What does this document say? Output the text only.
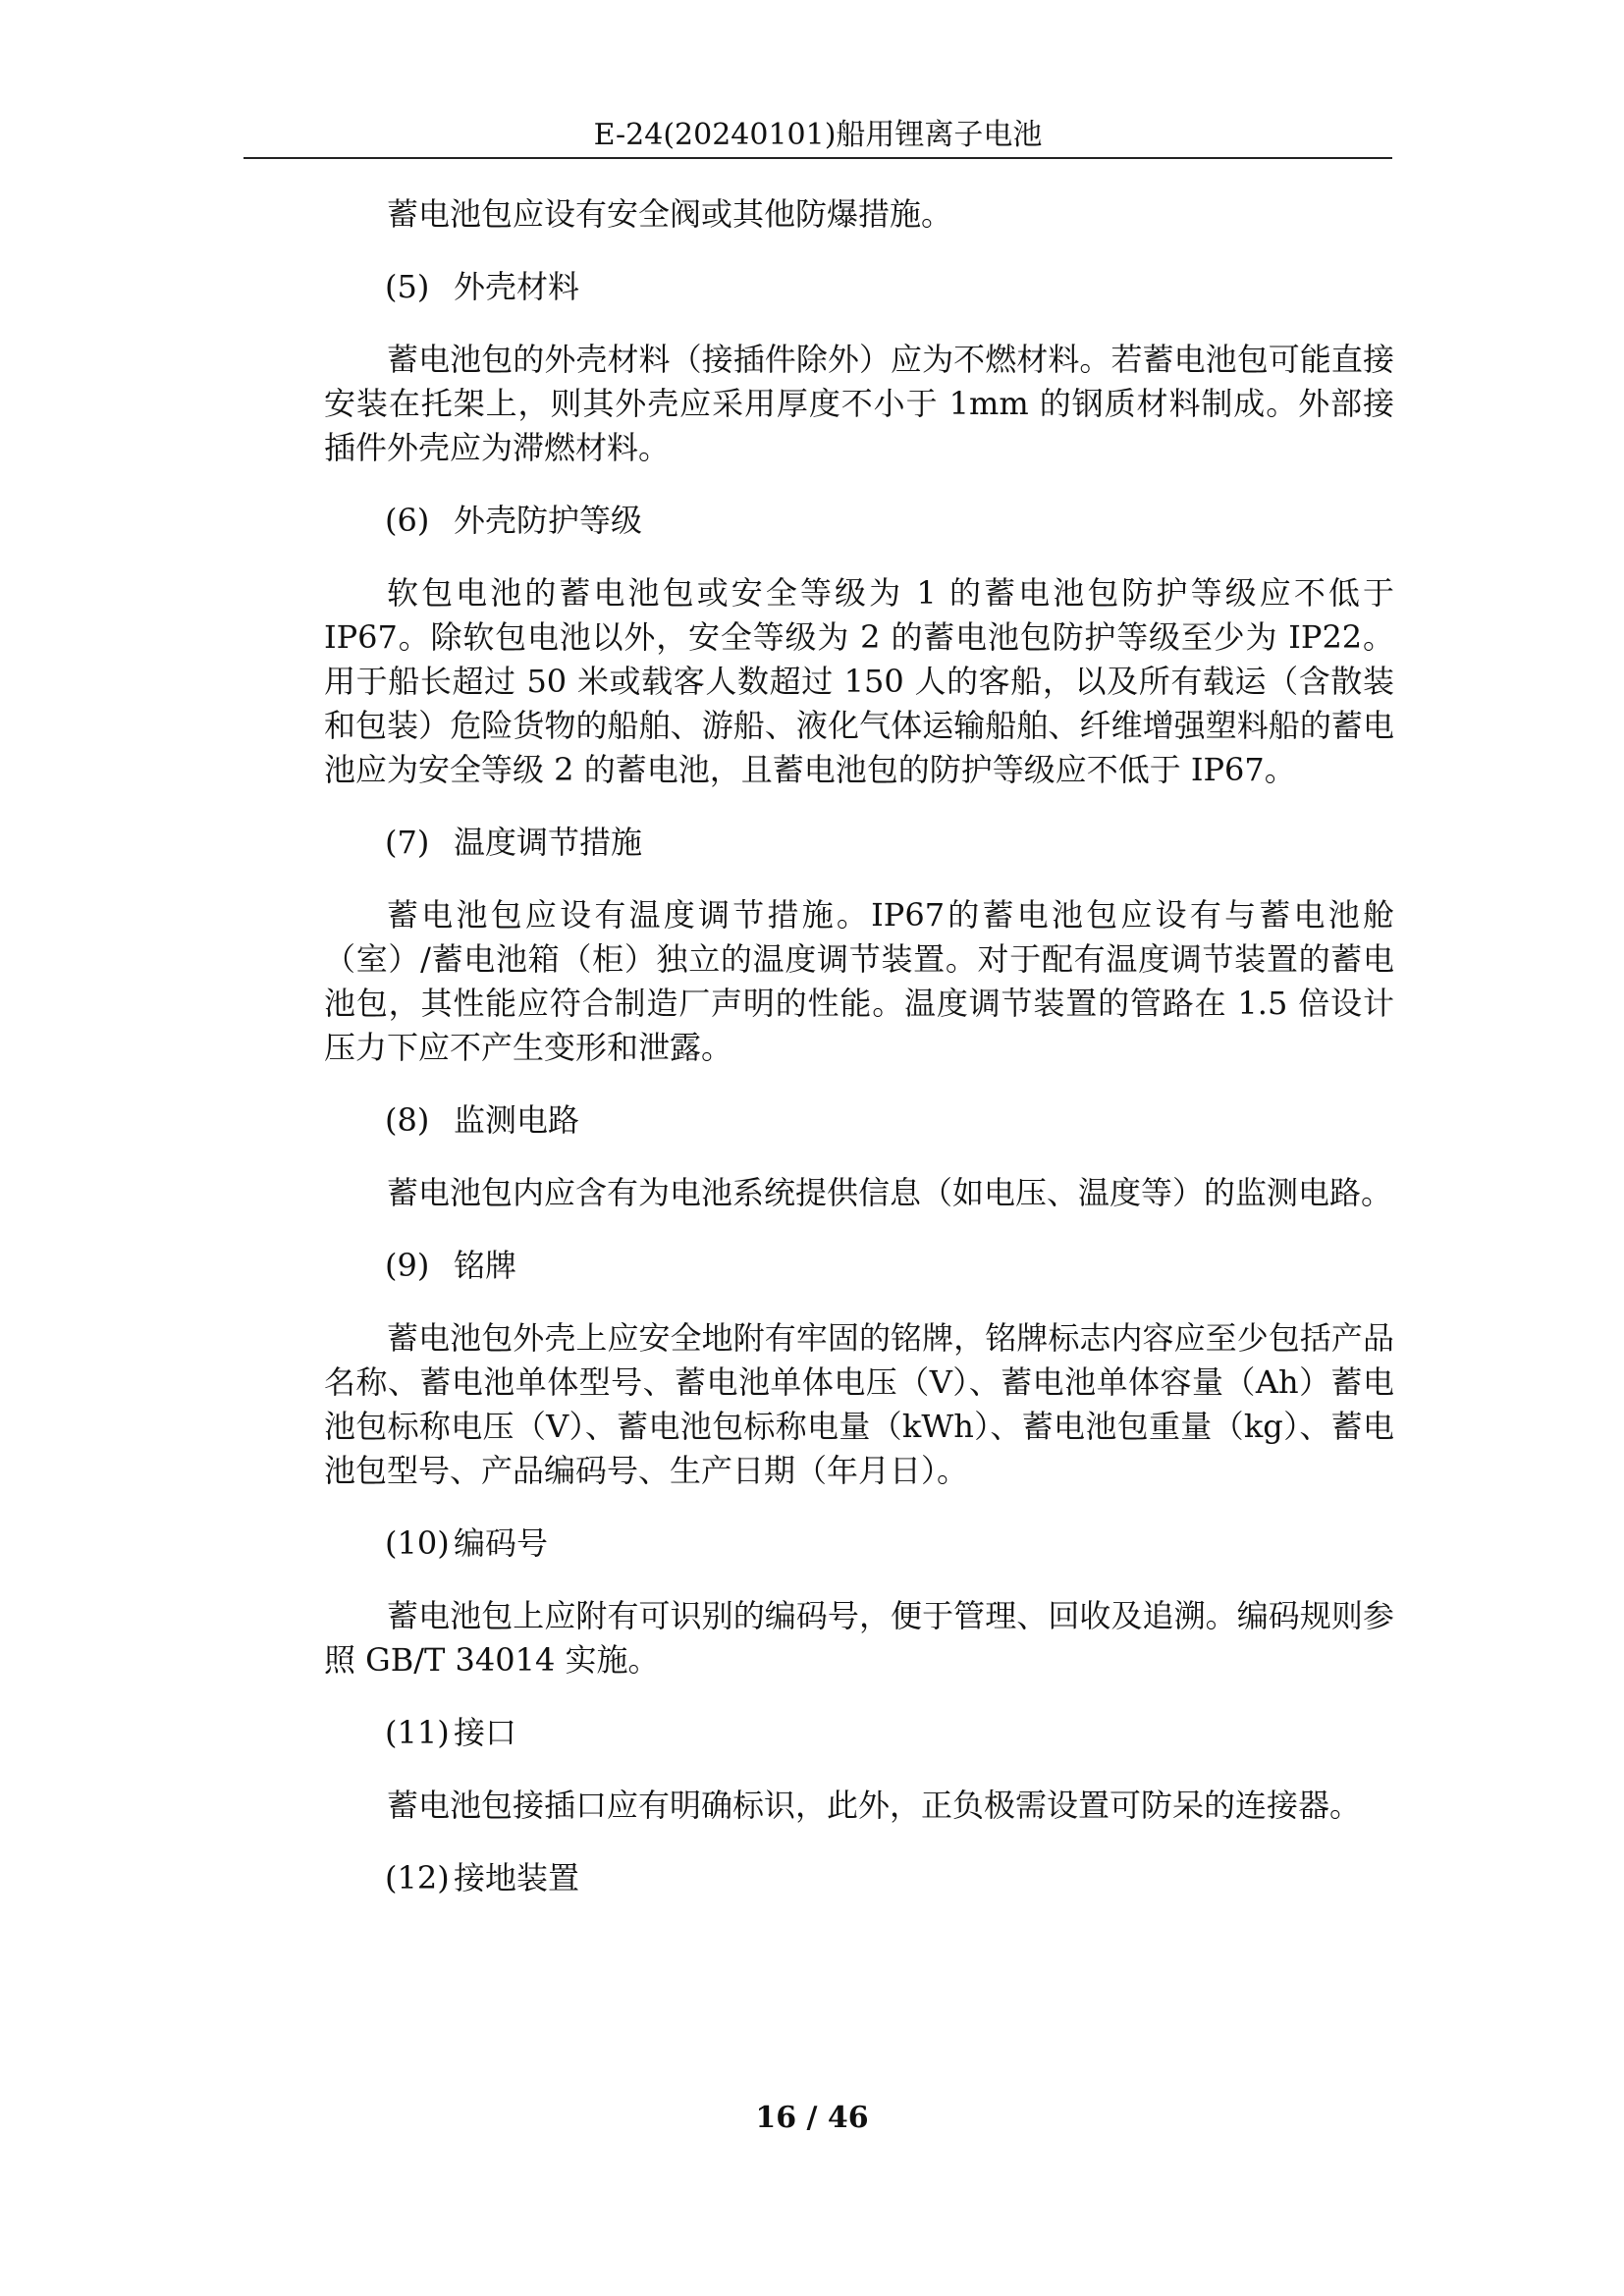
E-24(20240101)船用锂离子电池

蓄电池包应设有安全阀或其他防爆措施。

(5) 外壳材料

蓄电池包的外壳材料（接插件除外）应为不燃材料。若蓄电池包可能直接安装在托架上，则其外壳应采用厚度不小于 1mm 的钢质材料制成。外部接插件外壳应为滞燃材料。

(6) 外壳防护等级

软包电池的蓄电池包或安全等级为 1 的蓄电池包防护等级应不低于IP67。除软包电池以外，安全等级为 2 的蓄电池包防护等级至少为 IP22。用于船长超过 50 米或载客人数超过 150 人的客船，以及所有载运（含散装和包装）危险货物的船舶、游船、液化气体运输船舶、纤维增强塑料船的蓄电池应为安全等级 2 的蓄电池，且蓄电池包的防护等级应不低于 IP67。

(7) 温度调节措施

蓄电池包应设有温度调节措施。IP67的蓄电池包应设有与蓄电池舱（室）/蓄电池箱（柜）独立的温度调节装置。对于配有温度调节装置的蓄电池包，其性能应符合制造厂声明的性能。温度调节装置的管路在 1.5 倍设计压力下应不产生变形和泄露。

(8) 监测电路

蓄电池包内应含有为电池系统提供信息（如电压、温度等）的监测电路。

(9) 铭牌

蓄电池包外壳上应安全地附有牢固的铭牌，铭牌标志内容应至少包括产品名称、蓄电池单体型号、蓄电池单体电压（V）、蓄电池单体容量（Ah）蓄电池包标称电压（V）、蓄电池包标称电量（kWh）、蓄电池包重量（kg）、蓄电池包型号、产品编码号、生产日期（年月日）。

(10) 编码号

蓄电池包上应附有可识别的编码号，便于管理、回收及追溯。编码规则参照 GB/T 34014 实施。

(11) 接口

蓄电池包接插口应有明确标识，此外，正负极需设置可防呆的连接器。

(12) 接地装置

16 / 46
